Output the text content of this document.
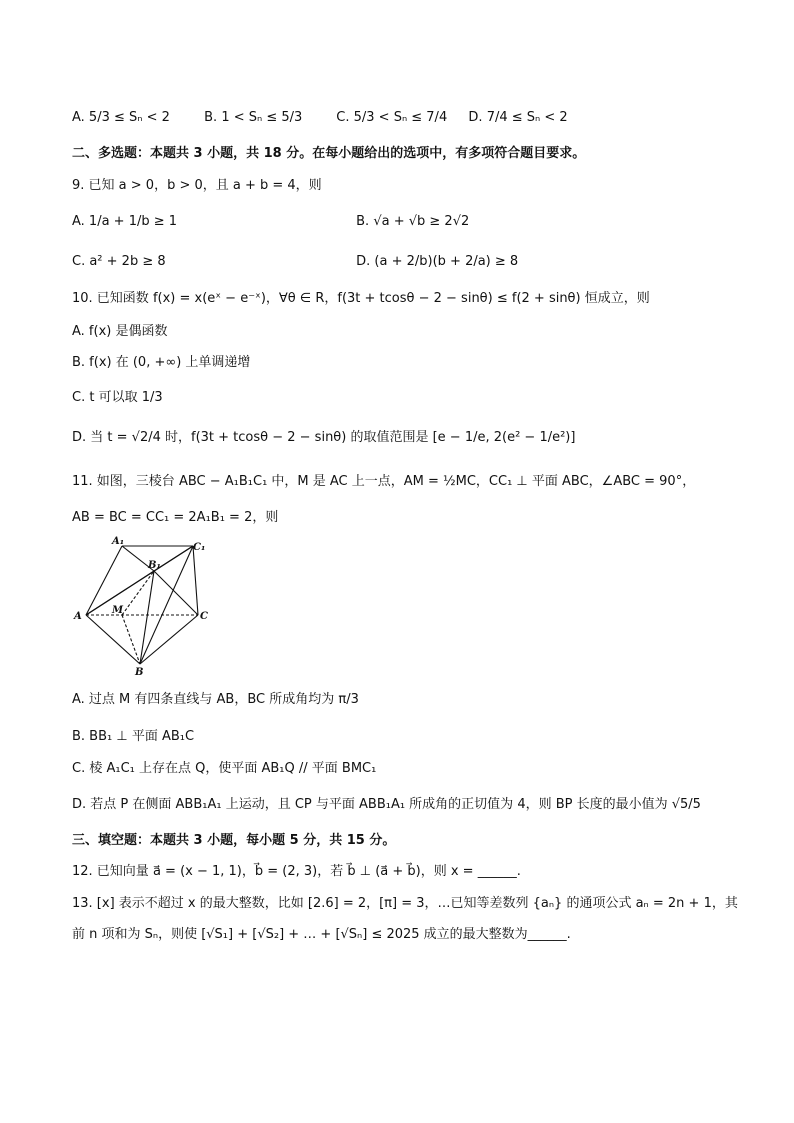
A. 5/3 ≤ Sₙ < 2	B. 1 < Sₙ ≤ 5/3	C. 5/3 < Sₙ ≤ 7/4 D. 7/4 ≤ Sₙ < 2
二、多选题：本题共 3 小题，共 18 分。在每小题给出的选项中，有多项符合题目要求。
9. 已知 a > 0，b > 0，且 a + b = 4，则
A. 1/a + 1/b ≥ 1	B. √a + √b ≥ 2√2
C. a² + 2b ≥ 8	D. (a + 2/b)(b + 2/a) ≥ 8
10. 已知函数 f(x) = x(eˣ − e⁻ˣ)，∀θ ∈ R，f(3t + tcosθ − 2 − sinθ) ≤ f(2 + sinθ) 恒成立，则
A. f(x) 是偶函数
B. f(x) 在 (0, +∞) 上单调递增
C. t 可以取 1/3
D. 当 t = √2/4 时，f(3t + tcosθ − 2 − sinθ) 的取值范围是 [e − 1/e, 2(e² − 1/e²)]
11. 如图，三棱台 ABC − A₁B₁C₁ 中，M 是 AC 上一点，AM = ½MC，CC₁ ⊥ 平面 ABC，∠ABC = 90°，
AB = BC = CC₁ = 2A₁B₁ = 2，则
A₁
C₁
B₁
A
M
C
B
A. 过点 M 有四条直线与 AB，BC 所成角均为 π/3
B. BB₁ ⊥ 平面 AB₁C
C. 棱 A₁C₁ 上存在点 Q，使平面 AB₁Q // 平面 BMC₁
D. 若点 P 在侧面 ABB₁A₁ 上运动，且 CP 与平面 ABB₁A₁ 所成角的正切值为 4，则 BP 长度的最小值为 √5/5
三、填空题：本题共 3 小题，每小题 5 分，共 15 分。
12. 已知向量 a⃗ = (x − 1, 1)，b⃗ = (2, 3)，若 b⃗ ⊥ (a⃗ + b⃗)，则 x = ______.
13. [x] 表示不超过 x 的最大整数，比如 [2.6] = 2，[π] = 3，…已知等差数列 {aₙ} 的通项公式 aₙ = 2n + 1，其
前 n 项和为 Sₙ，则使 [√S₁] + [√S₂] + … + [√Sₙ] ≤ 2025 成立的最大整数为______.
